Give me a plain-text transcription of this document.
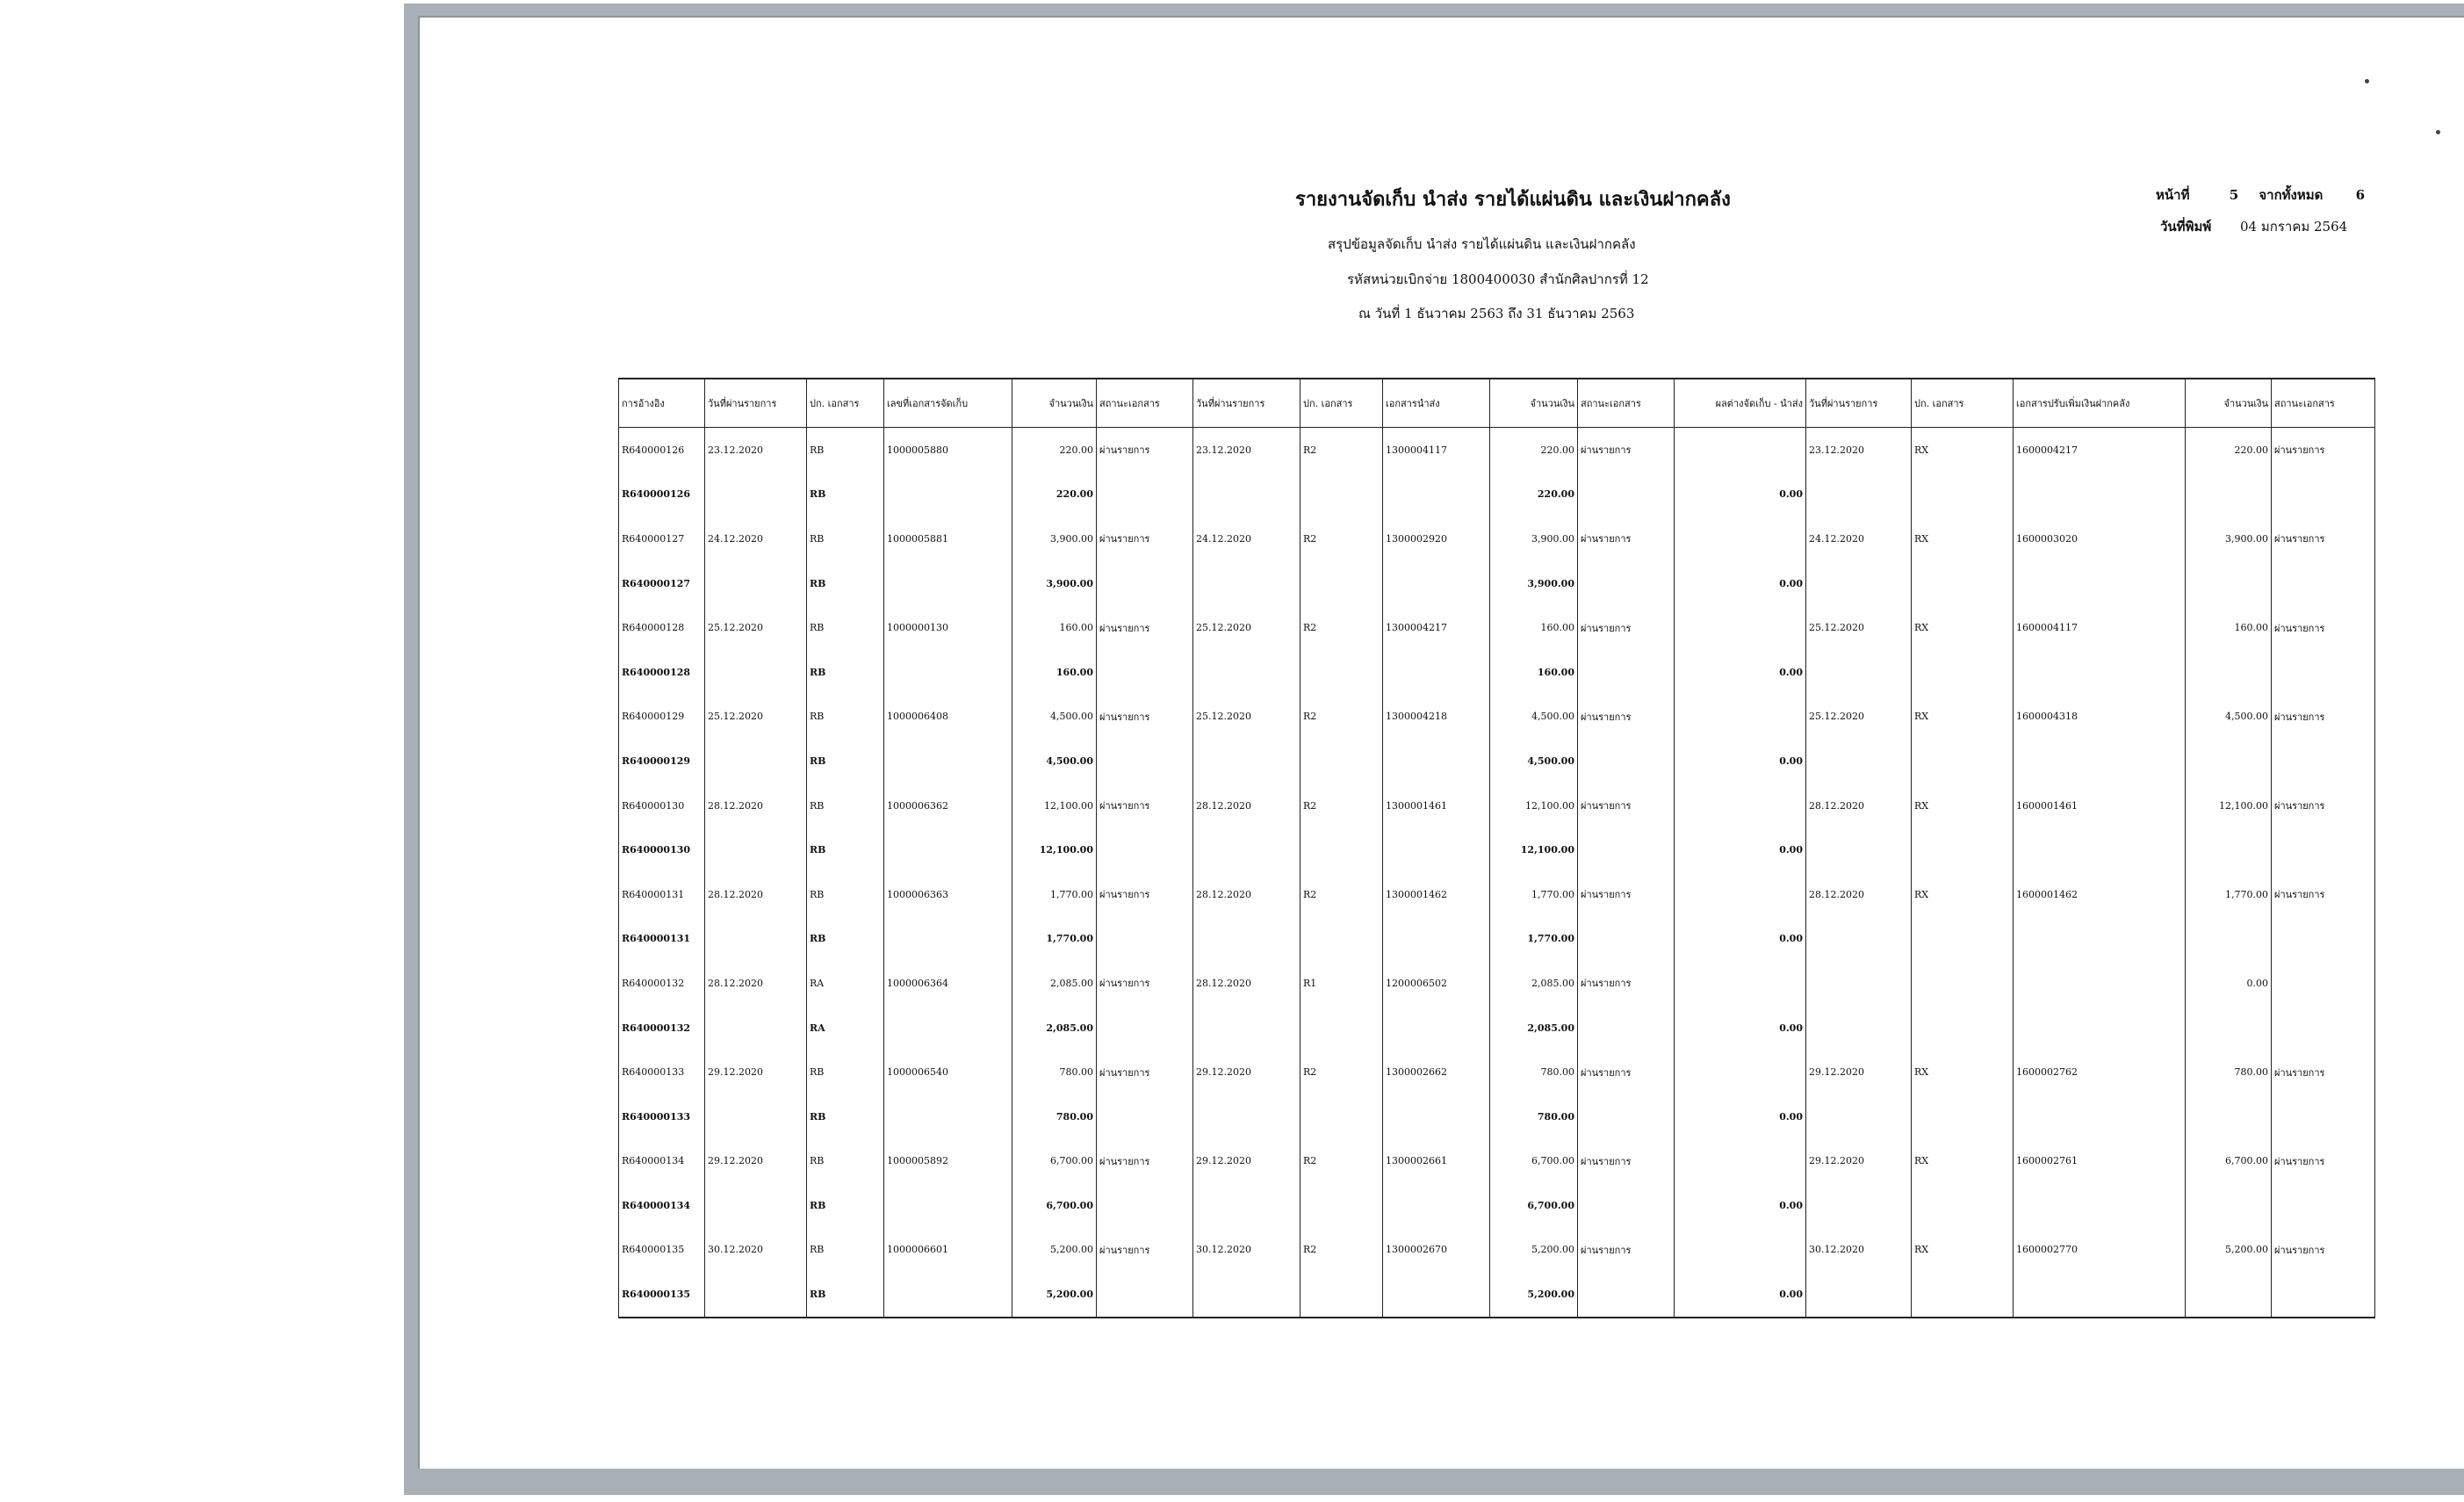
รายงานจัดเก็บ นำส่ง รายได้แผ่นดิน และเงินฝากคลัง
สรุปข้อมูลจัดเก็บ นำส่ง รายได้แผ่นดิน และเงินฝากคลัง
รหัสหน่วยเบิกจ่าย 1800400030 สำนักศิลปากรที่ 12
ณ วันที่ 1 ธันวาคม 2563 ถึง 31 ธันวาคม 2563
หน้าที่	5 จากทั้งหมด 6
วันที่พิมพ์ 04 มกราคม 2564
การอ้างอิง	วันที่ผ่านรายการ	ปก. เอกสาร	เลขที่เอกสารจัดเก็บ	จำนวนเงิน	สถานะเอกสาร	วันที่ผ่านรายการ	ปก. เอกสาร	เอกสารนำส่ง	จำนวนเงิน	สถานะเอกสาร	ผลต่างจัดเก็บ - นำส่ง	วันที่ผ่านรายการ	ปก. เอกสาร	เอกสารปรับเพิ่มเงินฝากคลัง	จำนวนเงิน	สถานะเอกสาร
R640000126	23.12.2020	RB	1000005880	220.00	ผ่านรายการ	23.12.2020	R2	1300004117	220.00	ผ่านรายการ		23.12.2020	RX	1600004217	220.00	ผ่านรายการ
R640000126		RB		220.00					220.00		0.00					
R640000127	24.12.2020	RB	1000005881	3,900.00	ผ่านรายการ	24.12.2020	R2	1300002920	3,900.00	ผ่านรายการ		24.12.2020	RX	1600003020	3,900.00	ผ่านรายการ
R640000127		RB		3,900.00					3,900.00		0.00					
R640000128	25.12.2020	RB	1000000130	160.00	ผ่านรายการ	25.12.2020	R2	1300004217	160.00	ผ่านรายการ		25.12.2020	RX	1600004117	160.00	ผ่านรายการ
R640000128		RB		160.00					160.00		0.00					
R640000129	25.12.2020	RB	1000006408	4,500.00	ผ่านรายการ	25.12.2020	R2	1300004218	4,500.00	ผ่านรายการ		25.12.2020	RX	1600004318	4,500.00	ผ่านรายการ
R640000129		RB		4,500.00					4,500.00		0.00					
R640000130	28.12.2020	RB	1000006362	12,100.00	ผ่านรายการ	28.12.2020	R2	1300001461	12,100.00	ผ่านรายการ		28.12.2020	RX	1600001461	12,100.00	ผ่านรายการ
R640000130		RB		12,100.00					12,100.00		0.00					
R640000131	28.12.2020	RB	1000006363	1,770.00	ผ่านรายการ	28.12.2020	R2	1300001462	1,770.00	ผ่านรายการ		28.12.2020	RX	1600001462	1,770.00	ผ่านรายการ
R640000131		RB		1,770.00					1,770.00		0.00					
R640000132	28.12.2020	RA	1000006364	2,085.00	ผ่านรายการ	28.12.2020	R1	1200006502	2,085.00	ผ่านรายการ					0.00	
R640000132		RA		2,085.00					2,085.00		0.00					
R640000133	29.12.2020	RB	1000006540	780.00	ผ่านรายการ	29.12.2020	R2	1300002662	780.00	ผ่านรายการ		29.12.2020	RX	1600002762	780.00	ผ่านรายการ
R640000133		RB		780.00					780.00		0.00					
R640000134	29.12.2020	RB	1000005892	6,700.00	ผ่านรายการ	29.12.2020	R2	1300002661	6,700.00	ผ่านรายการ		29.12.2020	RX	1600002761	6,700.00	ผ่านรายการ
R640000134		RB		6,700.00					6,700.00		0.00					
R640000135	30.12.2020	RB	1000006601	5,200.00	ผ่านรายการ	30.12.2020	R2	1300002670	5,200.00	ผ่านรายการ		30.12.2020	RX	1600002770	5,200.00	ผ่านรายการ
R640000135		RB		5,200.00					5,200.00		0.00					
